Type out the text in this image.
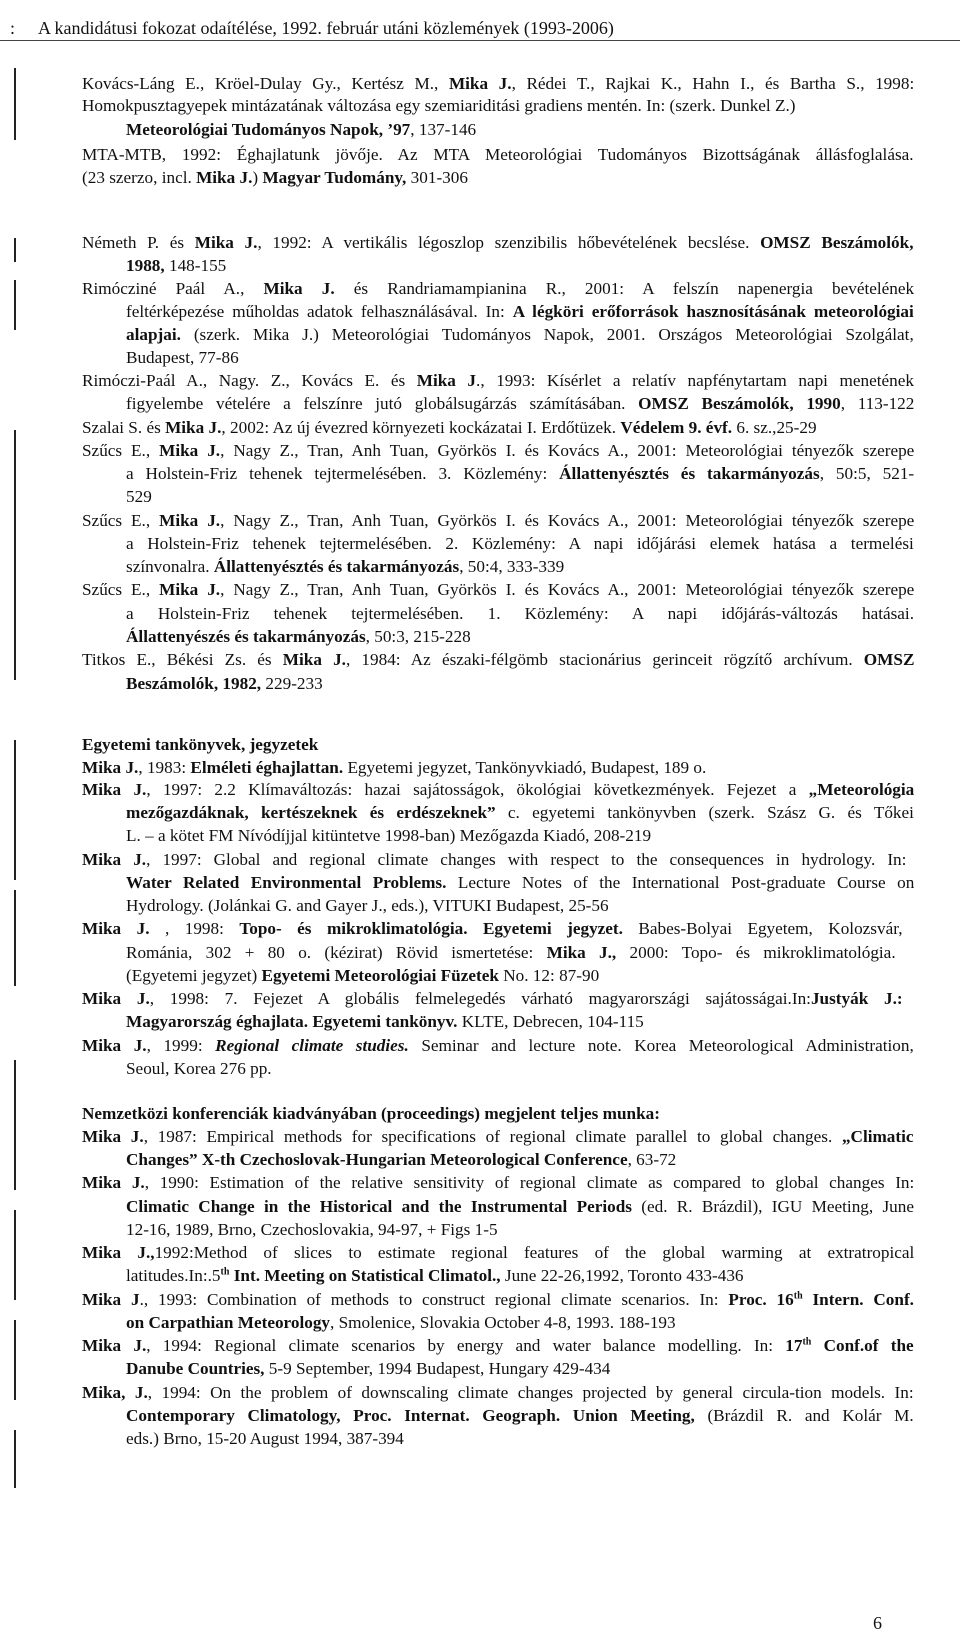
: A kandidátusi fokozat odaítélése, 1992. február utáni közlemények (1993-2006)
Egyetemi tankönyvek, jegyzetek
Nemzetközi konferenciák kiadványában (proceedings) megjelent teljes munka:
Kovács-Láng E., Kröel-Dulay Gy., Kertész M., Mika J., Rédei T., Rajkai K., Hahn I., és Bartha S., 1998:
Homokpusztagyepek mintázatának változása egy szemiariditási gradiens mentén. In: (szerk. Dunkel Z.)
Meteorológiai Tudományos Napok, ’97, 137-146
MTA-MTB, 1992: Éghajlatunk jövője. Az MTA Meteorológiai Tudományos Bizottságának állásfoglalása.
(23 szerzo, incl. Mika J.) Magyar Tudomány, 301-306
Németh P. és Mika J., 1992: A vertikális légoszlop szenzibilis hőbevételének becslése. OMSZ Beszámolók,
1988, 148-155
Rimócziné Paál A., Mika J. és Randriamampianina R., 2001: A felszín napenergia bevételének
feltérképezése műholdas adatok felhasználásával. In: A légköri erőforrások hasznosításának meteorológiai
alapjai. (szerk. Mika J.) Meteorológiai Tudományos Napok, 2001. Országos Meteorológiai Szolgálat,
Budapest, 77-86
Rimóczi-Paál A., Nagy. Z., Kovács E. és Mika J., 1993: Kísérlet a relatív napfénytartam napi menetének
figyelembe vételére a felszínre jutó globálsugárzás számításában. OMSZ Beszámolók, 1990, 113-122
Szalai S. és Mika J., 2002: Az új évezred környezeti kockázatai I. Erdőtüzek. Védelem 9. évf. 6. sz.,25-29
Szűcs E., Mika J., Nagy Z., Tran, Anh Tuan, Györkös I. és Kovács A., 2001: Meteorológiai tényezők szerepe
a Holstein-Friz tehenek tejtermelésében. 3. Közlemény: Állattenyésztés és takarmányozás, 50:5, 521-
529
Szűcs E., Mika J., Nagy Z., Tran, Anh Tuan, Györkös I. és Kovács A., 2001: Meteorológiai tényezők szerepe
a Holstein-Friz tehenek tejtermelésében. 2. Közlemény: A napi időjárási elemek hatása a termelési
színvonalra. Állattenyésztés és takarmányozás, 50:4, 333-339
Szűcs E., Mika J., Nagy Z., Tran, Anh Tuan, Györkös I. és Kovács A., 2001: Meteorológiai tényezők szerepe
a Holstein-Friz tehenek tejtermelésében. 1. Közlemény: A napi időjárás-változás hatásai.
Állattenyészés és takarmányozás, 50:3, 215-228
Titkos E., Békési Zs. és Mika J., 1984: Az északi-félgömb stacionárius gerinceit rögzítő archívum. OMSZ
Beszámolók, 1982, 229-233
Mika J., 1983: Elméleti éghajlattan. Egyetemi jegyzet, Tankönyvkiadó, Budapest, 189 o.
Mika J., 1997: 2.2 Klímaváltozás: hazai sajátosságok, ökológiai következmények. Fejezet a „Meteorológia
mezőgazdáknak, kertészeknek és erdészeknek” c. egyetemi tankönyvben (szerk. Szász G. és Tőkei
L. – a kötet FM Nívódíjjal kitüntetve 1998-ban) Mezőgazda Kiadó, 208-219
Mika J., 1997: Global and regional climate changes with respect to the consequences in hydrology. In:
Water Related Environmental Problems. Lecture Notes of the International Post-graduate Course on
Hydrology. (Jolánkai G. and Gayer J., eds.), VITUKI Budapest, 25-56
Mika J. , 1998: Topo- és mikroklimatológia. Egyetemi jegyzet. Babes-Bolyai Egyetem, Kolozsvár,
Románia, 302 + 80 o. (kézirat) Rövid ismertetése: Mika J., 2000: Topo- és mikroklimatológia.
(Egyetemi jegyzet) Egyetemi Meteorológiai Füzetek No. 12: 87-90
Mika J., 1998: 7. Fejezet A globális felmelegedés várható magyarországi sajátosságai.In:Justyák J.:
Magyarország éghajlata. Egyetemi tankönyv. KLTE, Debrecen, 104-115
Mika J., 1999: Regional climate studies. Seminar and lecture note. Korea Meteorological Administration,
Seoul, Korea 276 pp.
Mika J., 1987: Empirical methods for specifications of regional climate parallel to global changes. „Climatic
Changes” X-th Czechoslovak-Hungarian Meteorological Conference, 63-72
Mika J., 1990: Estimation of the relative sensitivity of regional climate as compared to global changes In:
Climatic Change in the Historical and the Instrumental Periods (ed. R. Brázdil), IGU Meeting, June
12-16, 1989, Brno, Czechoslovakia, 94-97, + Figs 1-5
Mika J.,1992:Method of slices to estimate regional features of the global warming at extratropical
latitudes.In:.5th Int. Meeting on Statistical Climatol., June 22-26,1992, Toronto 433-436
Mika J., 1993: Combination of methods to construct regional climate scenarios. In: Proc. 16th Intern. Conf.
on Carpathian Meteorology, Smolenice, Slovakia October 4-8, 1993. 188-193
Mika J., 1994: Regional climate scenarios by energy and water balance modelling. In: 17th Conf.of the
Danube Countries, 5-9 September, 1994 Budapest, Hungary 429-434
Mika, J., 1994: On the problem of downscaling climate changes projected by general circula-tion models. In:
Contemporary Climatology, Proc. Internat. Geograph. Union Meeting, (Brázdil R. and Kolár M.
eds.) Brno, 15-20 August 1994, 387-394
6
